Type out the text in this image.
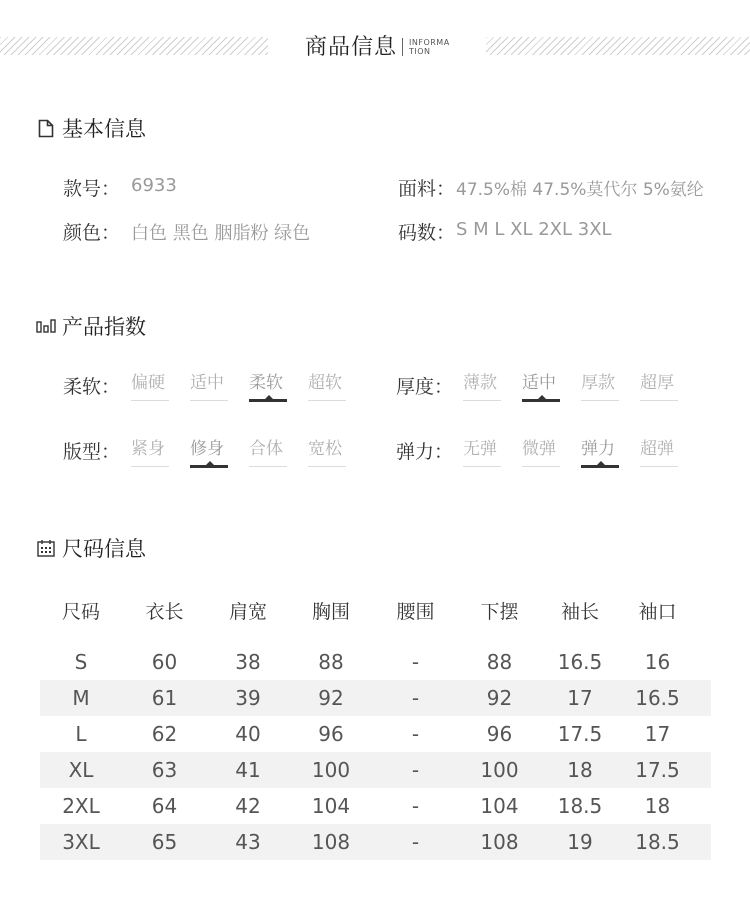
商品信息 INFORMA
TION
基本信息
款号： 6933	面料： 47.5%棉 47.5%莫代尔 5%氨纶
颜色： 白色 黑色 胭脂粉 绿色	码数： S M L XL 2XL 3XL
产品指数
柔软： 偏硬	适中	柔软	超软	厚度： 薄款	适中	厚款	超厚
版型： 紧身	修身	合体	宽松	弹力： 无弹	微弹	弹力	超弹
尺码信息
尺码	衣长	肩宽	胸围	腰围	下摆	袖长	袖口
S	60	38	88	-	88	16.5	16
M	61	39	92	-	92	17	16.5
L	62	40	96	-	96	17.5	17
XL	63	41	100	-	100	18	17.5
2XL	64	42	104	-	104	18.5	18
3XL	65	43	108	-	108	19	18.5
